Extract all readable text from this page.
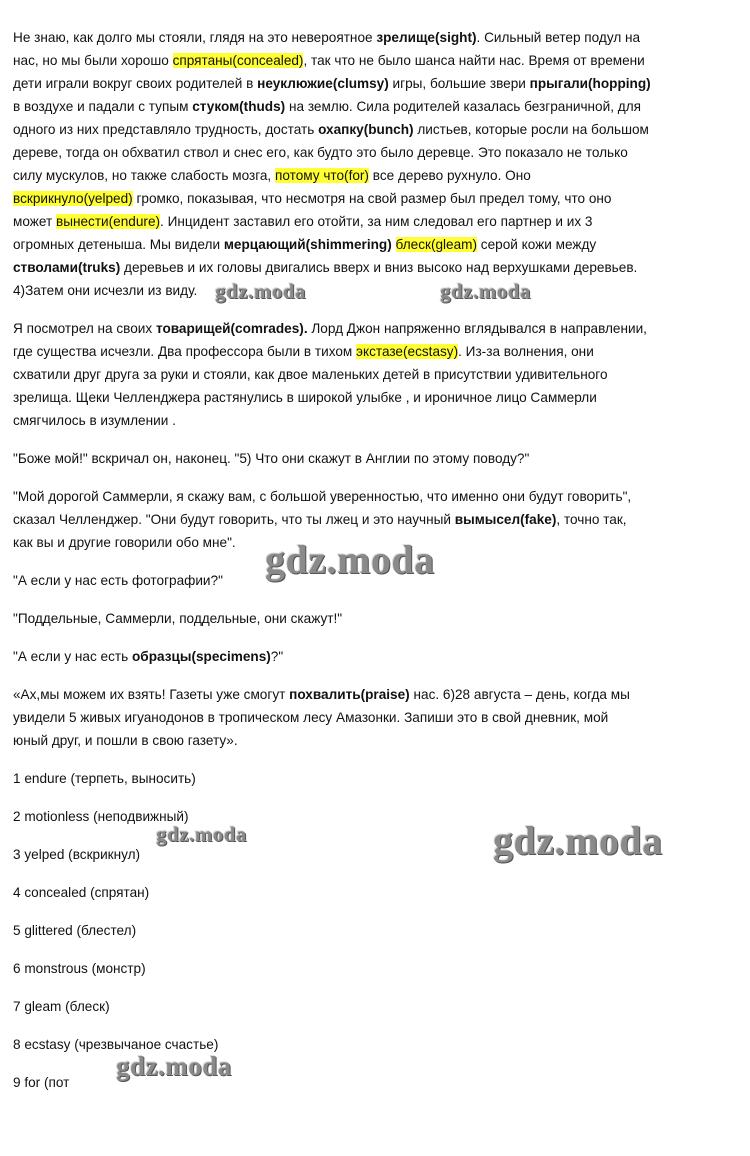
Не знаю, как долго мы стояли, глядя на это невероятное зрелище(sight). Сильный ветер подул на
нас, но мы были хорошо спрятаны(concealed), так что не было шанса найти нас. Время от времени
дети играли вокруг своих родителей в неуклюжие(clumsy) игры, большие звери прыгали(hopping)
в воздухе и падали с тупым стуком(thuds) на землю. Сила родителей казалась безграничной, для
одного из них представляло трудность, достать охапку(bunch) листьев, которые росли на большом
дереве, тогда он обхватил ствол и снес его, как будто это было деревце. Это показало не только
силу мускулов, но также слабость мозга, потому что(for) все дерево рухнуло. Оно
вскрикнуло(yelped) громко, показывая, что несмотря на свой размер был предел тому, что оно
может вынести(endure). Инцидент заставил его отойти, за ним следовал его партнер и их 3
огромных детеныша. Мы видели мерцающий(shimmering) блеск(gleam) серой кожи между
стволами(truks) деревьев и их головы двигались вверх и вниз высоко над верхушками деревьев.
4)Затем они исчезли из виду.
Я посмотрел на своих товарищей(comrades). Лорд Джон напряженно вглядывался в направлении,
где существа исчезли. Два профессора были в тихом экстазе(ecstasy). Из-за волнения, они
схватили друг друга за руки и стояли, как двое маленьких детей в присутствии удивительного
зрелища. Щеки Челленджера растянулись в широкой улыбке , и ироничное лицо Саммерли
смягчилось в изумлении .
"Боже мой!" вскричал он, наконец. "5) Что они скажут в Англии по этому поводу?"
"Мой дорогой Саммерли, я скажу вам, с большой уверенностью, что именно они будут говорить",
сказал Челленджер. "Они будут говорить, что ты лжец и это научный вымысел(fake), точно так,
как вы и другие говорили обо мне".
"А если у нас есть фотографии?"
"Поддельные, Саммерли, поддельные, они скажут!"
"А если у нас есть образцы(specimens)?"
«Ах,мы можем их взять! Газеты уже смогут похвалить(praise) нас. 6)28 августа – день, когда мы
увидели 5 живых игуанодонов в тропическом лесу Амазонки. Запиши это в свой дневник, мой
юный друг, и пошли в свою газету».
1 endure (терпеть, выносить)
2 motionless (неподвижный)
3 yelped (вскрикнул)
4 concealed (спрятан)
5 glittered (блестел)
6 monstrous (монстр)
7 gleam (блеск)
8 ecstasy (чрезвычаное счастье)
9 for (пот
gdz.moda	gdz.moda
gdz.moda
gdz.moda	gdz.moda
gdz.moda
